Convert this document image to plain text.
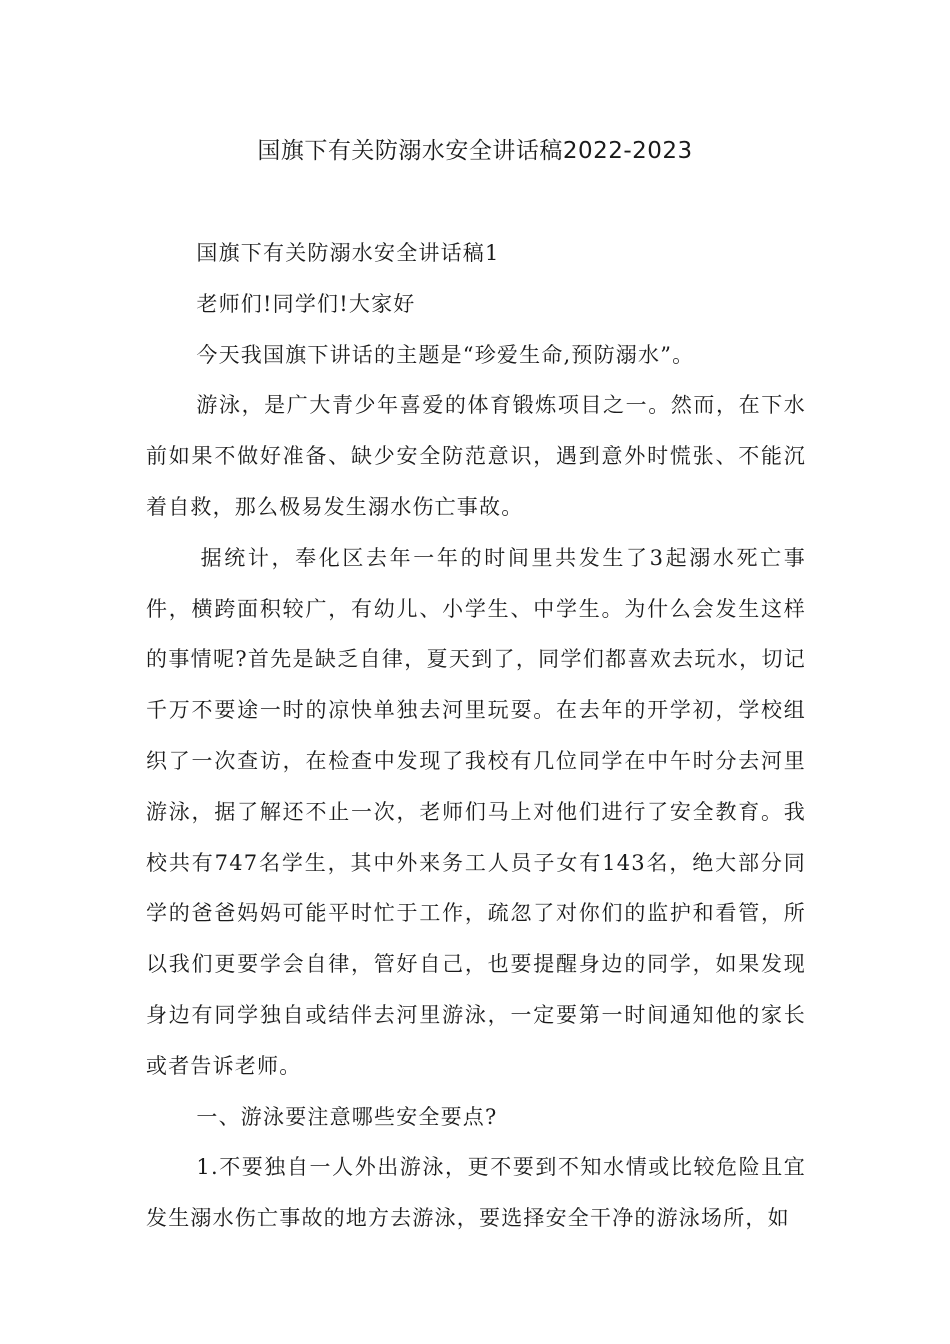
国旗下有关防溺水安全讲话稿2022-2023

国旗下有关防溺水安全讲话稿1

老师们!同学们!大家好

今天我国旗下讲话的主题是“珍爱生命,预防溺水”。

游泳，是广大青少年喜爱的体育锻炼项目之一。然而，在下水前如果不做好准备、缺少安全防范意识，遇到意外时慌张、不能沉着自救，那么极易发生溺水伤亡事故。

据统计，奉化区去年一年的时间里共发生了3起溺水死亡事件，横跨面积较广，有幼儿、小学生、中学生。为什么会发生这样的事情呢?首先是缺乏自律，夏天到了，同学们都喜欢去玩水，切记千万不要途一时的凉快单独去河里玩耍。在去年的开学初，学校组织了一次查访，在检查中发现了我校有几位同学在中午时分去河里游泳，据了解还不止一次，老师们马上对他们进行了安全教育。我校共有747名学生，其中外来务工人员子女有143名，绝大部分同学的爸爸妈妈可能平时忙于工作，疏忽了对你们的监护和看管，所以我们更要学会自律，管好自己，也要提醒身边的同学，如果发现身边有同学独自或结伴去河里游泳，一定要第一时间通知他的家长或者告诉老师。

一、游泳要注意哪些安全要点?

1.不要独自一人外出游泳，更不要到不知水情或比较危险且宜发生溺水伤亡事故的地方去游泳，要选择安全干净的游泳场所，如
